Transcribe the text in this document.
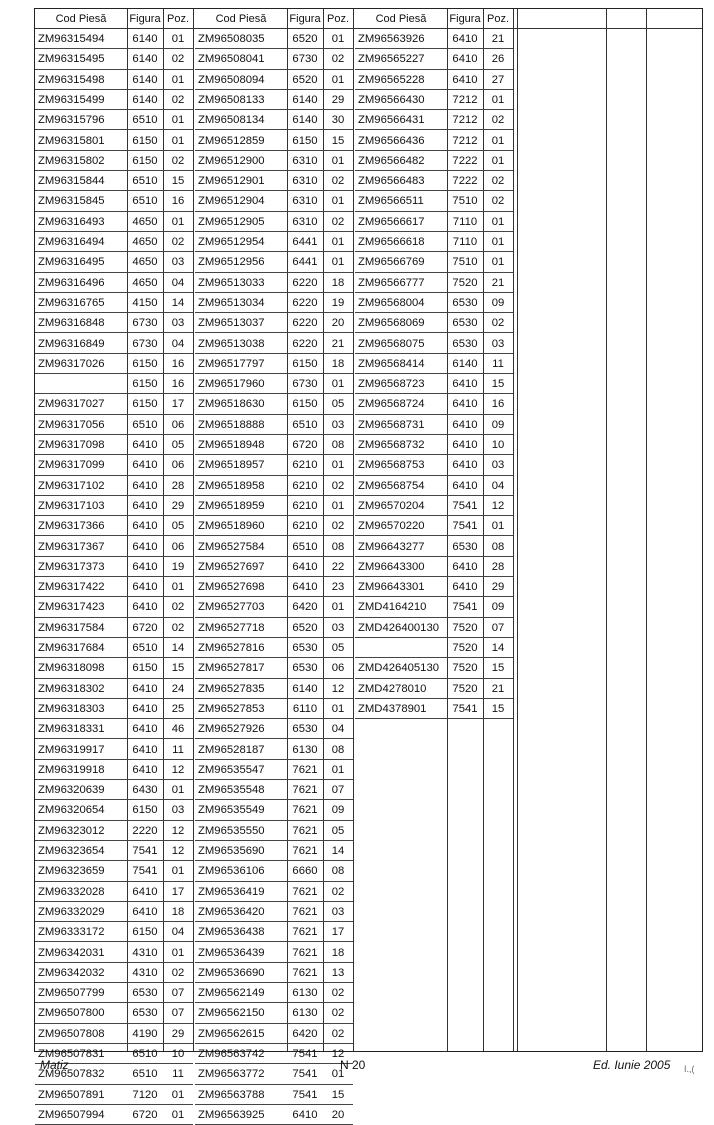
Cod Piesă	Figura Poz.
ZM96315494	6140	01
ZM96315495	6140	02
ZM96315498	6140	01
ZM96315499	6140	02
ZM96315796	6510	01
ZM96315801	6150	01
ZM96315802	6150	02
ZM96315844	6510	15
ZM96315845	6510	16
ZM96316493	4650	01
ZM96316494	4650	02
ZM96316495	4650	03
ZM96316496	4650	04
ZM96316765	4150	14
ZM96316848	6730	03
ZM96316849	6730	04
ZM96317026	6150	16
6150	16
ZM96317027	6150	17
ZM96317056	6510	06
ZM96317098	6410	05
ZM96317099	6410	06
ZM96317102	6410	28
ZM96317103	6410	29
ZM96317366	6410	05
ZM96317367	6410	06
ZM96317373	6410	19
ZM96317422	6410	01
ZM96317423	6410	02
ZM96317584	6720	02
ZM96317684	6510	14
ZM96318098	6150	15
ZM96318302	6410	24
ZM96318303	6410	25
ZM96318331	6410	46
ZM96319917	6410	11
ZM96319918	6410	12
ZM96320639	6430	01
ZM96320654	6150	03
ZM96323012	2220	12
ZM96323654	7541	12
ZM96323659	7541	01
ZM96332028	6410	17
ZM96332029	6410	18
ZM96333172	6150	04
ZM96342031	4310	01
ZM96342032	4310	02
ZM96507799	6530	07
ZM96507800	6530	07
ZM96507808	4190	29
ZM96507831	6510	10
ZM96507832	6510	11
ZM96507891	7120	01
ZM96507994	6720	01
Cod Piesă	Figura Poz.
ZM96508035	6520	01
ZM96508041	6730	02
ZM96508094	6520	01
ZM96508133	6140	29
ZM96508134	6140	30
ZM96512859	6150	15
ZM96512900	6310	01
ZM96512901	6310	02
ZM96512904	6310	01
ZM96512905	6310	02
ZM96512954	6441	01
ZM96512956	6441	01
ZM96513033	6220	18
ZM96513034	6220	19
ZM96513037	6220	20
ZM96513038	6220	21
ZM96517797	6150	18
ZM96517960	6730	01
ZM96518630	6150	05
ZM96518888	6510	03
ZM96518948	6720	08
ZM96518957	6210	01
ZM96518958	6210	02
ZM96518959	6210	01
ZM96518960	6210	02
ZM96527584	6510	08
ZM96527697	6410	22
ZM96527698	6410	23
ZM96527703	6420	01
ZM96527718	6520	03
ZM96527816	6530	05
ZM96527817	6530	06
ZM96527835	6140	12
ZM96527853	6110	01
ZM96527926	6530	04
ZM96528187	6130	08
ZM96535547	7621	01
ZM96535548	7621	07
ZM96535549	7621	09
ZM96535550	7621	05
ZM96535690	7621	14
ZM96536106	6660	08
ZM96536419	7621	02
ZM96536420	7621	03
ZM96536438	7621	17
ZM96536439	7621	18
ZM96536690	7621	13
ZM96562149	6130	02
ZM96562150	6130	02
ZM96562615	6420	02
ZM96563742	7541	12
ZM96563772	7541	01
ZM96563788	7541	15
ZM96563925	6410	20
Cod Piesă	Figura Poz.
ZM96563926	6410	21
ZM96565227	6410	26
ZM96565228	6410	27
ZM96566430	7212	01
ZM96566431	7212	02
ZM96566436	7212	01
ZM96566482	7222	01
ZM96566483	7222	02
ZM96566511	7510	02
ZM96566617	7110	01
ZM96566618	7110	01
ZM96566769	7510	01
ZM96566777	7520	21
ZM96568004	6530	09
ZM96568069	6530	02
ZM96568075	6530	03
ZM96568414	6140	11
ZM96568723	6410	15
ZM96568724	6410	16
ZM96568731	6410	09
ZM96568732	6410	10
ZM96568753	6410	03
ZM96568754	6410	04
ZM96570204	7541	12
ZM96570220	7541	01
ZM96643277	6530	08
ZM96643300	6410	28
ZM96643301	6410	29
ZMD4164210	7541	09
ZMD426400130	7520	07
7520	14
ZMD426405130	7520	15
ZMD4278010	7520	21
ZMD4378901	7541	15
Matiz	N 20	Ed. Iunie 2005 I.,(
